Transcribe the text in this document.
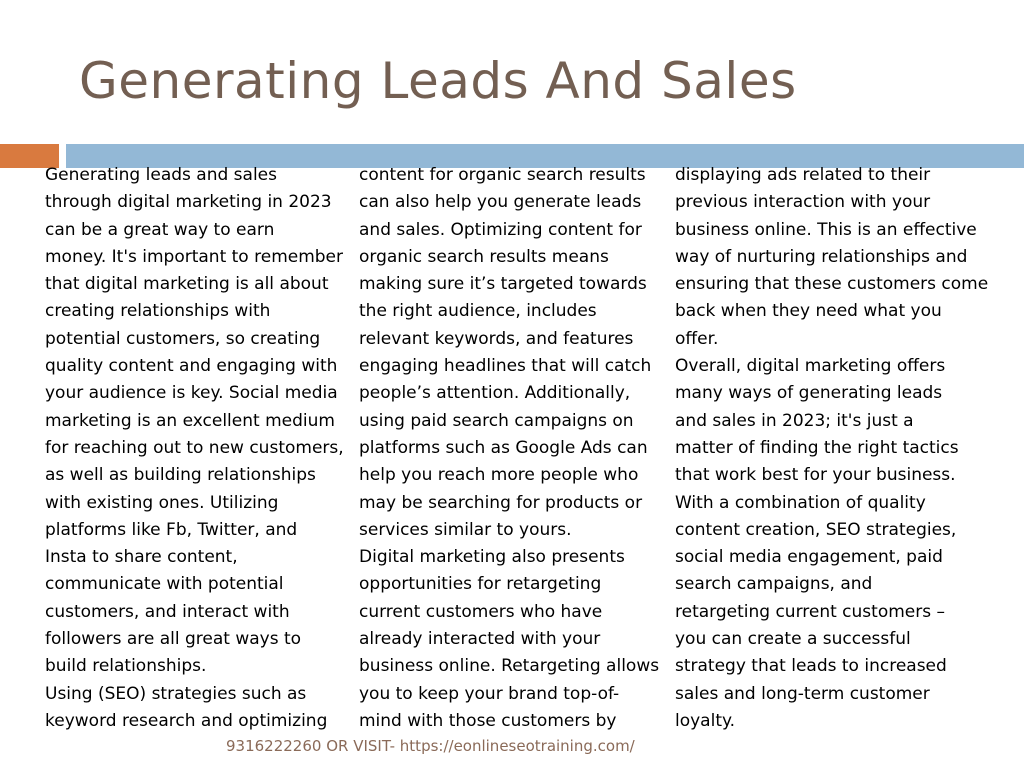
Generating Leads And Sales
Generating leads and sales
through digital marketing in 2023
can be a great way to earn
money. It's important to remember
that digital marketing is all about
creating relationships with
potential customers, so creating
quality content and engaging with
your audience is key. Social media
marketing is an excellent medium
for reaching out to new customers,
as well as building relationships
with existing ones. Utilizing
platforms like Fb, Twitter, and
Insta to share content,
communicate with potential
customers, and interact with
followers are all great ways to
build relationships.
Using (SEO) strategies such as
keyword research and optimizing
content for organic search results
can also help you generate leads
and sales. Optimizing content for
organic search results means
making sure it’s targeted towards
the right audience, includes
relevant keywords, and features
engaging headlines that will catch
people’s attention. Additionally,
using paid search campaigns on
platforms such as Google Ads can
help you reach more people who
may be searching for products or
services similar to yours.
Digital marketing also presents
opportunities for retargeting
current customers who have
already interacted with your
business online. Retargeting allows
you to keep your brand top-of-
mind with those customers by
displaying ads related to their
previous interaction with your
business online. This is an effective
way of nurturing relationships and
ensuring that these customers come
back when they need what you
offer.
Overall, digital marketing offers
many ways of generating leads
and sales in 2023; it's just a
matter of finding the right tactics
that work best for your business.
With a combination of quality
content creation, SEO strategies,
social media engagement, paid
search campaigns, and
retargeting current customers –
you can create a successful
strategy that leads to increased
sales and long-term customer
loyalty.
9316222260 OR VISIT- https://eonlineseotraining.com/
